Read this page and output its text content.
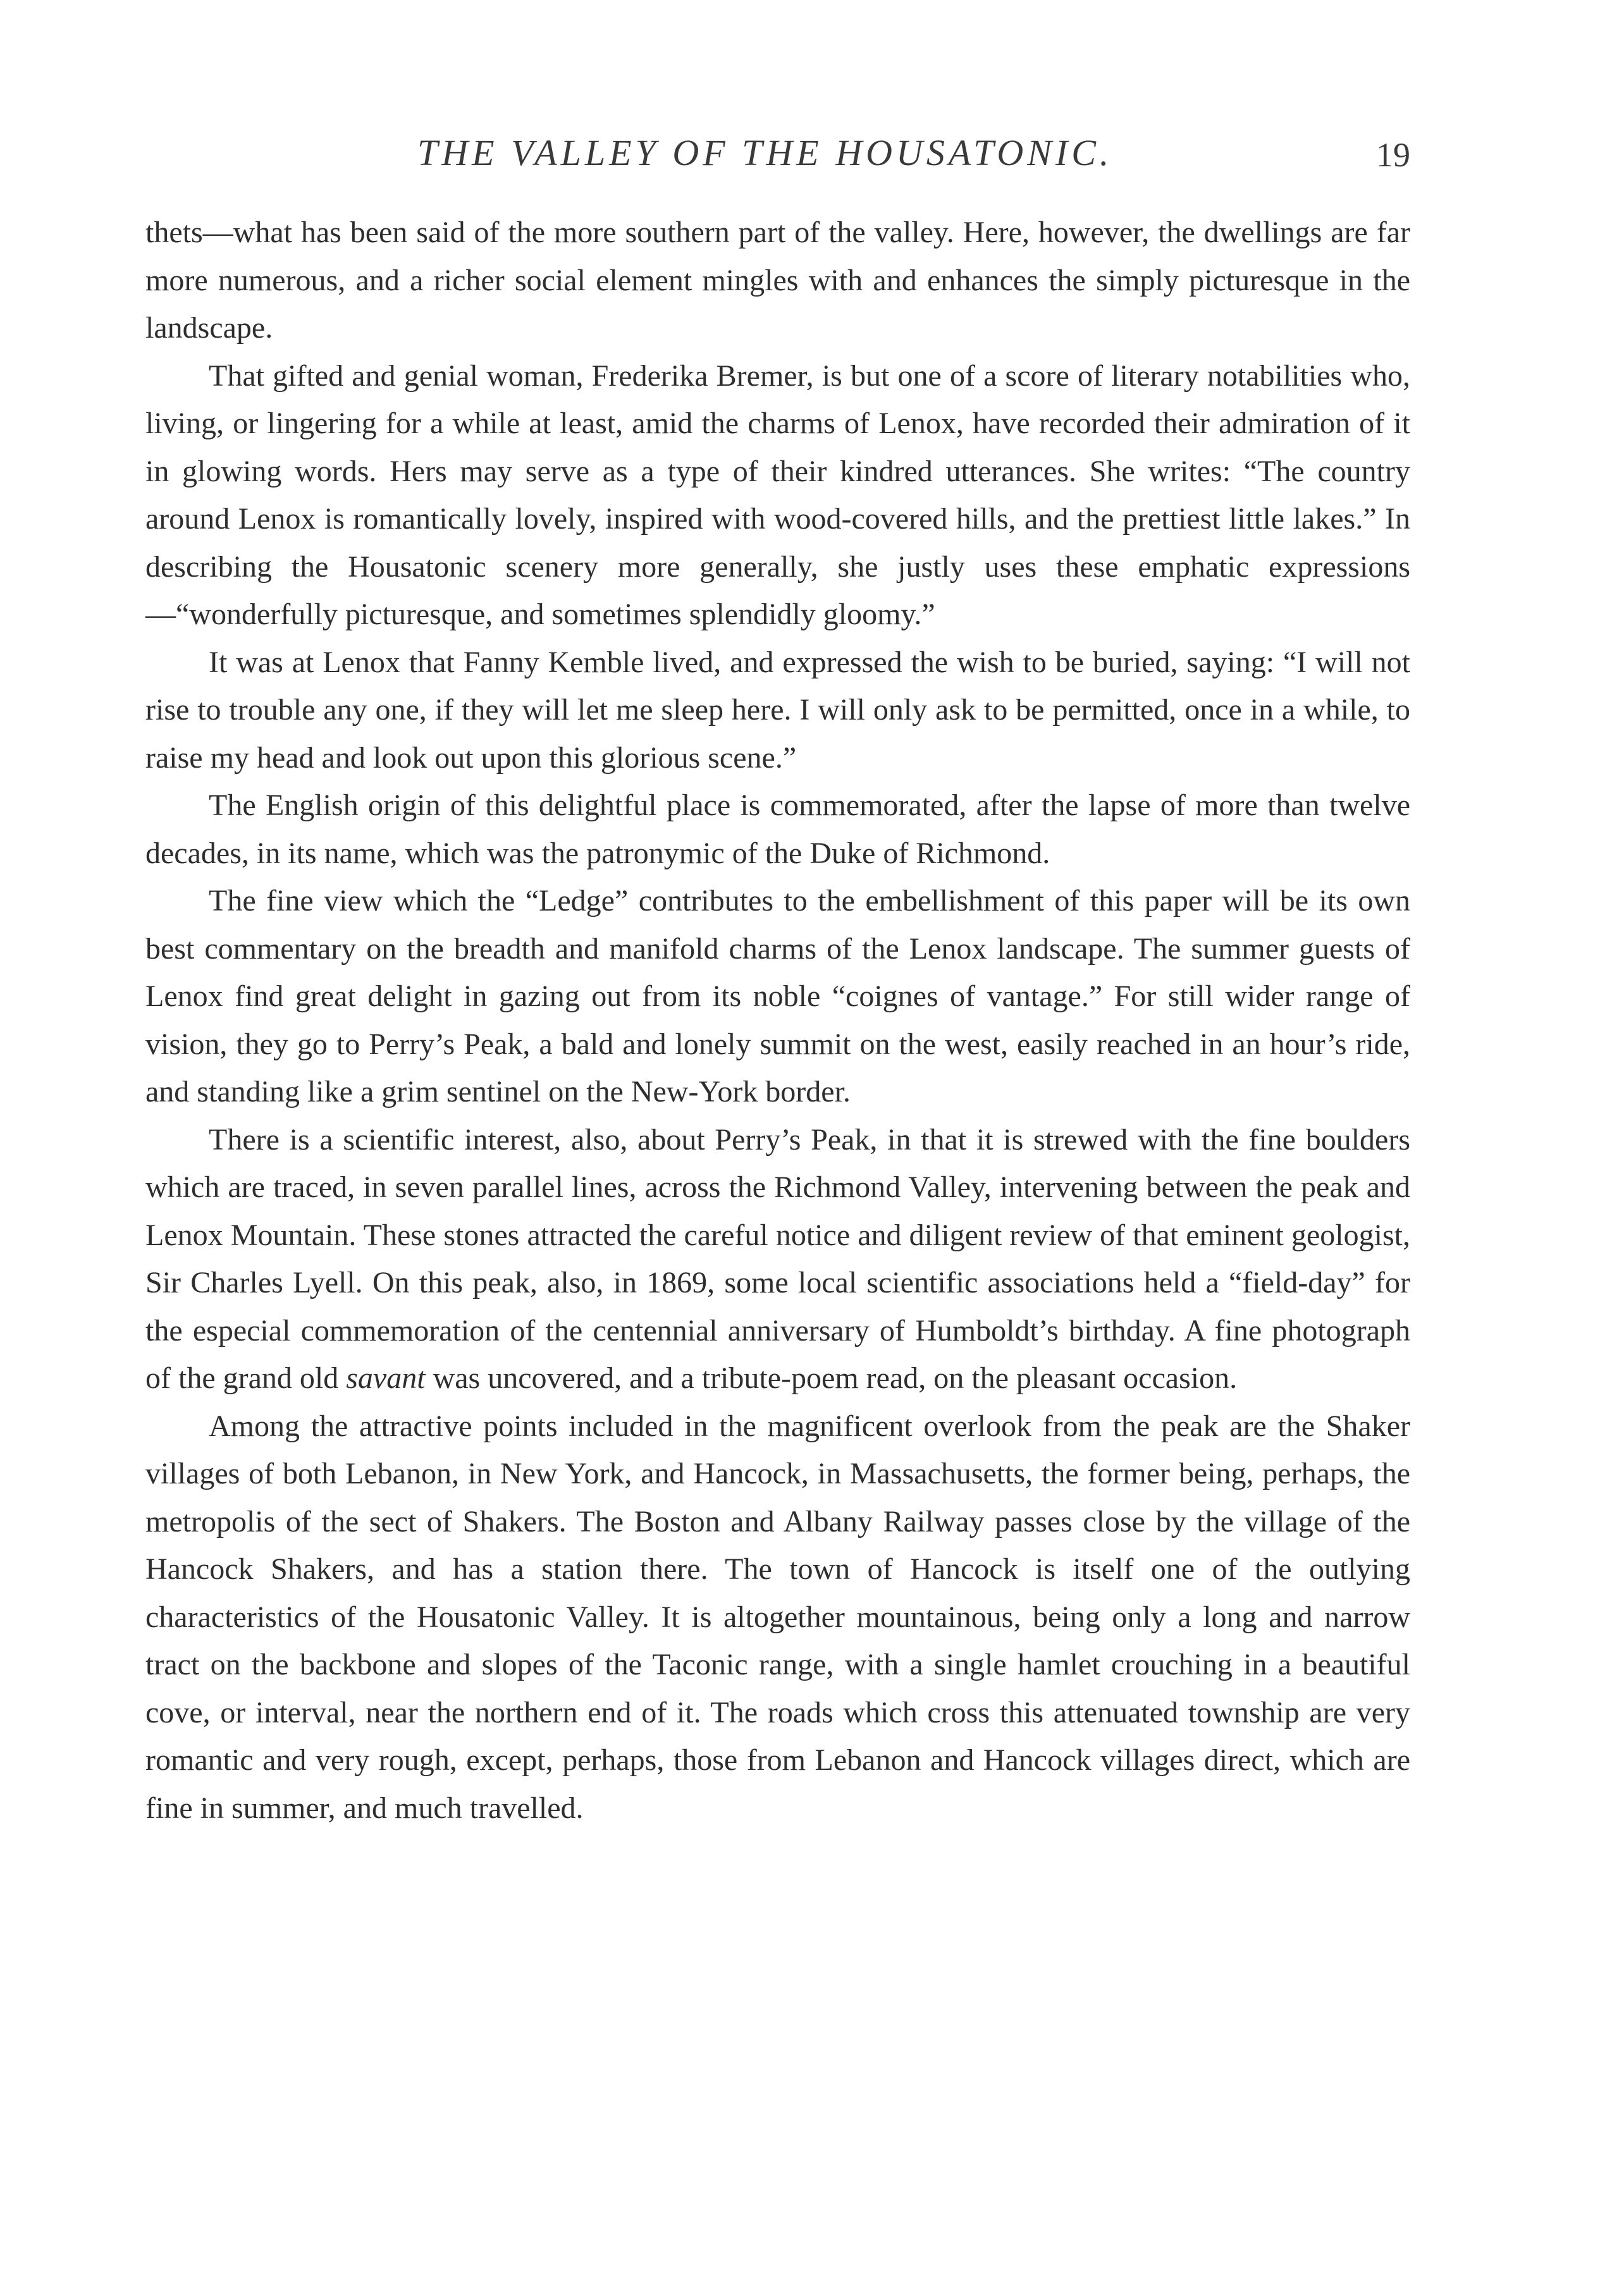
THE VALLEY OF THE HOUSATONIC.	19

thets—what has been said of the more southern part of the valley. Here, however, the dwellings are far more numerous, and a richer social element mingles with and enhances the simply picturesque in the landscape.

That gifted and genial woman, Frederika Bremer, is but one of a score of literary notabilities who, living, or lingering for a while at least, amid the charms of Lenox, have recorded their admiration of it in glowing words. Hers may serve as a type of their kindred utterances. She writes: “The country around Lenox is romantically lovely, inspired with wood-covered hills, and the prettiest little lakes.” In describing the Housatonic scenery more generally, she justly uses these emphatic expressions—“wonderfully picturesque, and sometimes splendidly gloomy.”

It was at Lenox that Fanny Kemble lived, and expressed the wish to be buried, saying: “I will not rise to trouble any one, if they will let me sleep here. I will only ask to be permitted, once in a while, to raise my head and look out upon this glorious scene.”

The English origin of this delightful place is commemorated, after the lapse of more than twelve decades, in its name, which was the patronymic of the Duke of Richmond.

The fine view which the “Ledge” contributes to the embellishment of this paper will be its own best commentary on the breadth and manifold charms of the Lenox landscape. The summer guests of Lenox find great delight in gazing out from its noble “coignes of vantage.” For still wider range of vision, they go to Perry’s Peak, a bald and lonely summit on the west, easily reached in an hour’s ride, and standing like a grim sentinel on the New-York border.

There is a scientific interest, also, about Perry’s Peak, in that it is strewed with the fine boulders which are traced, in seven parallel lines, across the Richmond Valley, intervening between the peak and Lenox Mountain. These stones attracted the careful notice and diligent review of that eminent geologist, Sir Charles Lyell. On this peak, also, in 1869, some local scientific associations held a “field-day” for the especial commemoration of the centennial anniversary of Humboldt’s birthday. A fine photograph of the grand old savant was uncovered, and a tribute-poem read, on the pleasant occasion.

Among the attractive points included in the magnificent overlook from the peak are the Shaker villages of both Lebanon, in New York, and Hancock, in Massachusetts, the former being, perhaps, the metropolis of the sect of Shakers. The Boston and Albany Railway passes close by the village of the Hancock Shakers, and has a station there. The town of Hancock is itself one of the outlying characteristics of the Housatonic Valley. It is altogether mountainous, being only a long and narrow tract on the backbone and slopes of the Taconic range, with a single hamlet crouching in a beautiful cove, or interval, near the northern end of it. The roads which cross this attenuated township are very romantic and very rough, except, perhaps, those from Lebanon and Hancock villages direct, which are fine in summer, and much travelled.
